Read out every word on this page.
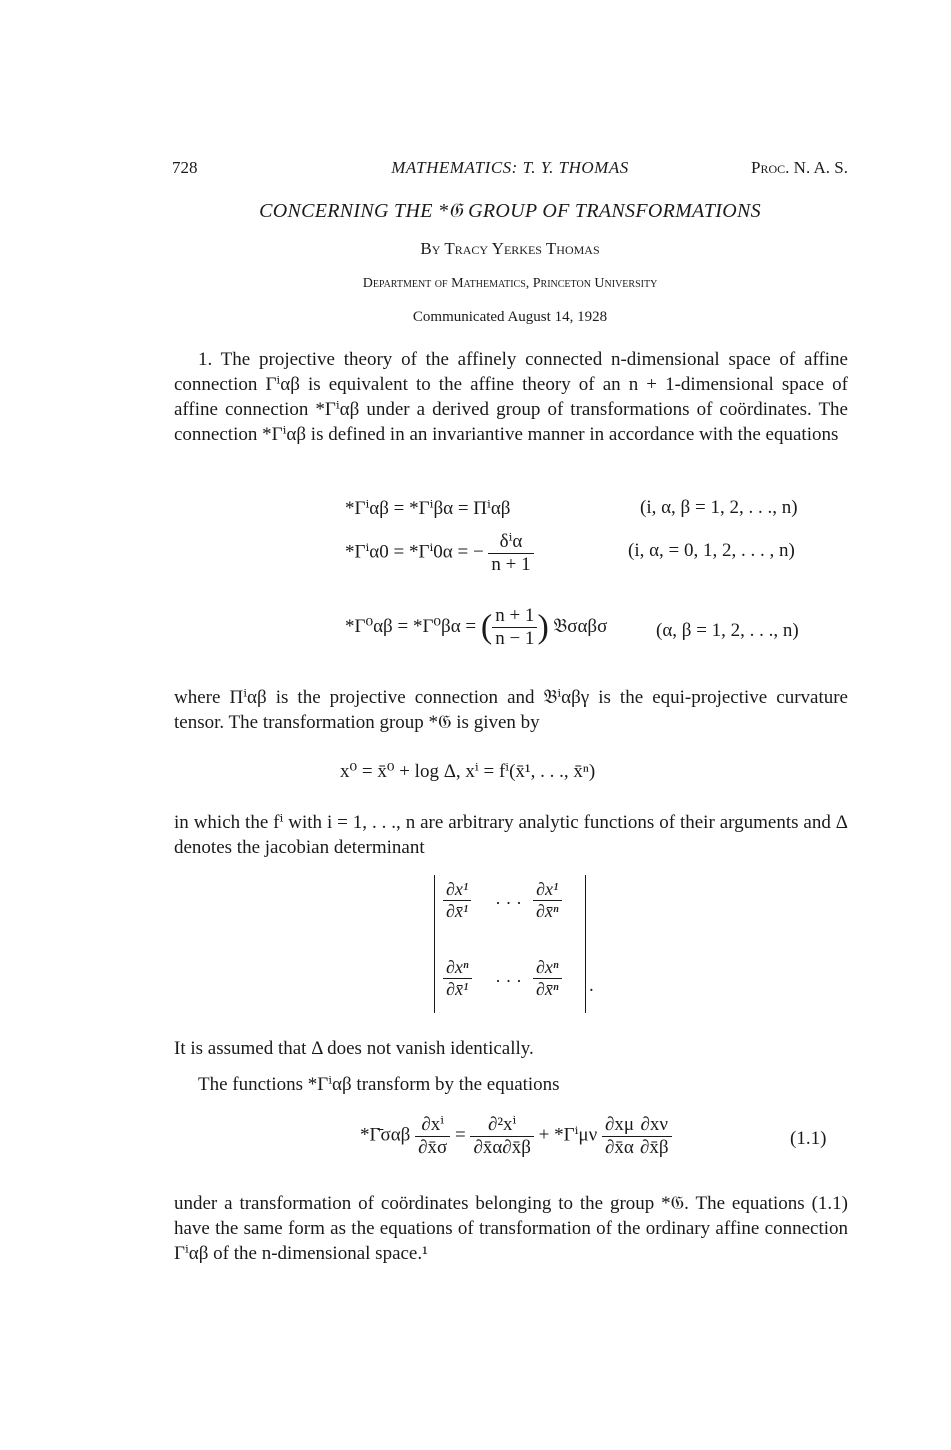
728	MATHEMATICS: T. Y. THOMAS	Proc. N. A. S.
CONCERNING THE *𝔊 GROUP OF TRANSFORMATIONS
By Tracy Yerkes Thomas
Department of Mathematics, Princeton University
Communicated August 14, 1928
1. The projective theory of the affinely connected n-dimensional space of affine connection Γⁱαβ is equivalent to the affine theory of an n + 1-dimensional space of affine connection *Γⁱαβ under a derived group of transformations of coördinates. The connection *Γⁱαβ is defined in an invariantive manner in accordance with the equations
*Γⁱαβ = *Γⁱβα = Πⁱαβ	(i, α, β = 1, 2, . . ., n)
*Γⁱα0 = *Γⁱ0α = − $\frac{\text{δⁱα}}{n + 1}$	(i, α, = 0, 1, 2, . . . , n)
*Γ⁰αβ = *Γ⁰βα = ( $\frac{n + 1}{n - 1}$ ) 𝔅σαβσ	(α, β = 1, 2, . . ., n)
where Πⁱαβ is the projective connection and 𝔅ⁱαβγ is the equi-projective curvature tensor. The transformation group *𝔊 is given by
x⁰ = x̄⁰ + log Δ, xⁱ = fⁱ(x̄¹, . . ., x̄ⁿ)
in which the fⁱ with i = 1, . . ., n are arbitrary analytic functions of their arguments and Δ denotes the jacobian determinant
$\frac{\text{∂x¹}}{\text{∂x̄¹}}$ · · · $\frac{\text{∂x¹}}{\text{∂x̄ⁿ}}$
$\frac{\text{∂xⁿ}}{\text{∂x̄¹}}$ · · · $\frac{\text{∂xⁿ}}{\text{∂x̄ⁿ}}$ .
It is assumed that Δ does not vanish identically.
The functions *Γⁱαβ transform by the equations
*Γ̄σαβ $\frac{\text{∂xⁱ}}{\partial x̄\sigma} = \frac{\text{∂²xⁱ}}{\partial x̄\alpha\partial x̄\beta} + *\Gamma^i\mu\nu \frac{\partial x\mu}{\partial x̄\alpha} \frac{\partial x\nu}{\partial x̄\beta}$	(1.1)
under a transformation of coördinates belonging to the group *𝔊. The equations (1.1) have the same form as the equations of transformation of the ordinary affine connection Γⁱαβ of the n-dimensional space.¹
